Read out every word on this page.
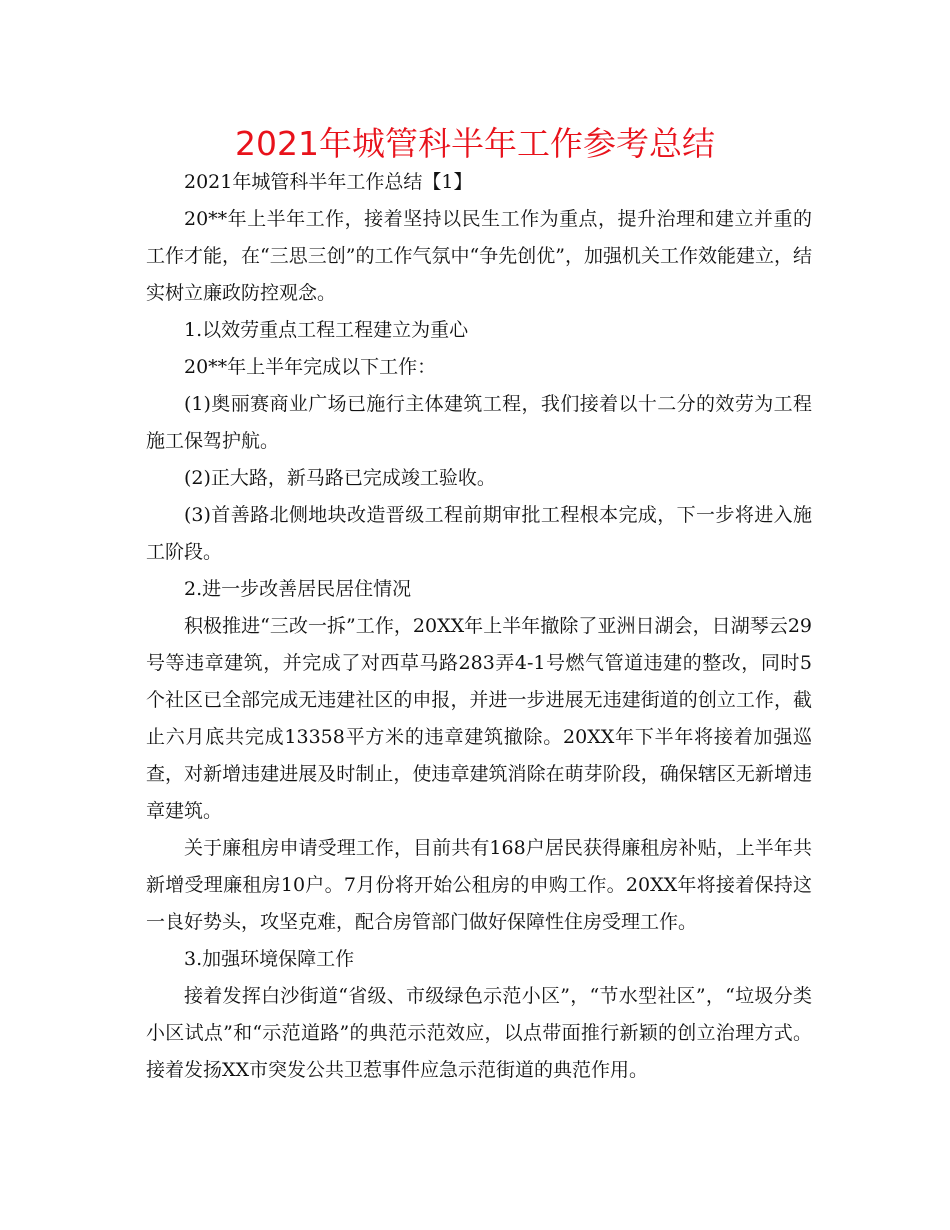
2021年城管科半年工作参考总结

2021年城管科半年工作总结【1】

20**年上半年工作，接着坚持以民生工作为重点，提升治理和建立并重的工作才能，在“三思三创”的工作气氛中“争先创优”，加强机关工作效能建立，结实树立廉政防控观念。

1.以效劳重点工程工程建立为重心

20**年上半年完成以下工作：

(1)奥丽赛商业广场已施行主体建筑工程，我们接着以十二分的效劳为工程施工保驾护航。

(2)正大路，新马路已完成竣工验收。

(3)首善路北侧地块改造晋级工程前期审批工程根本完成，下一步将进入施工阶段。

2.进一步改善居民居住情况

积极推进“三改一拆”工作，20XX年上半年撤除了亚洲日湖会，日湖琴云29号等违章建筑，并完成了对西草马路283弄4-1号燃气管道违建的整改，同时5个社区已全部完成无违建社区的申报，并进一步进展无违建街道的创立工作，截止六月底共完成13358平方米的违章建筑撤除。20XX年下半年将接着加强巡查，对新增违建进展及时制止，使违章建筑消除在萌芽阶段，确保辖区无新增违章建筑。

关于廉租房申请受理工作，目前共有168户居民获得廉租房补贴，上半年共新增受理廉租房10户。7月份将开始公租房的申购工作。20XX年将接着保持这一良好势头，攻坚克难，配合房管部门做好保障性住房受理工作。

3.加强环境保障工作

接着发挥白沙街道“省级、市级绿色示范小区”，“节水型社区”，“垃圾分类小区试点”和“示范道路”的典范示范效应，以点带面推行新颖的创立治理方式。接着发扬XX市突发公共卫惹事件应急示范街道的典范作用。
